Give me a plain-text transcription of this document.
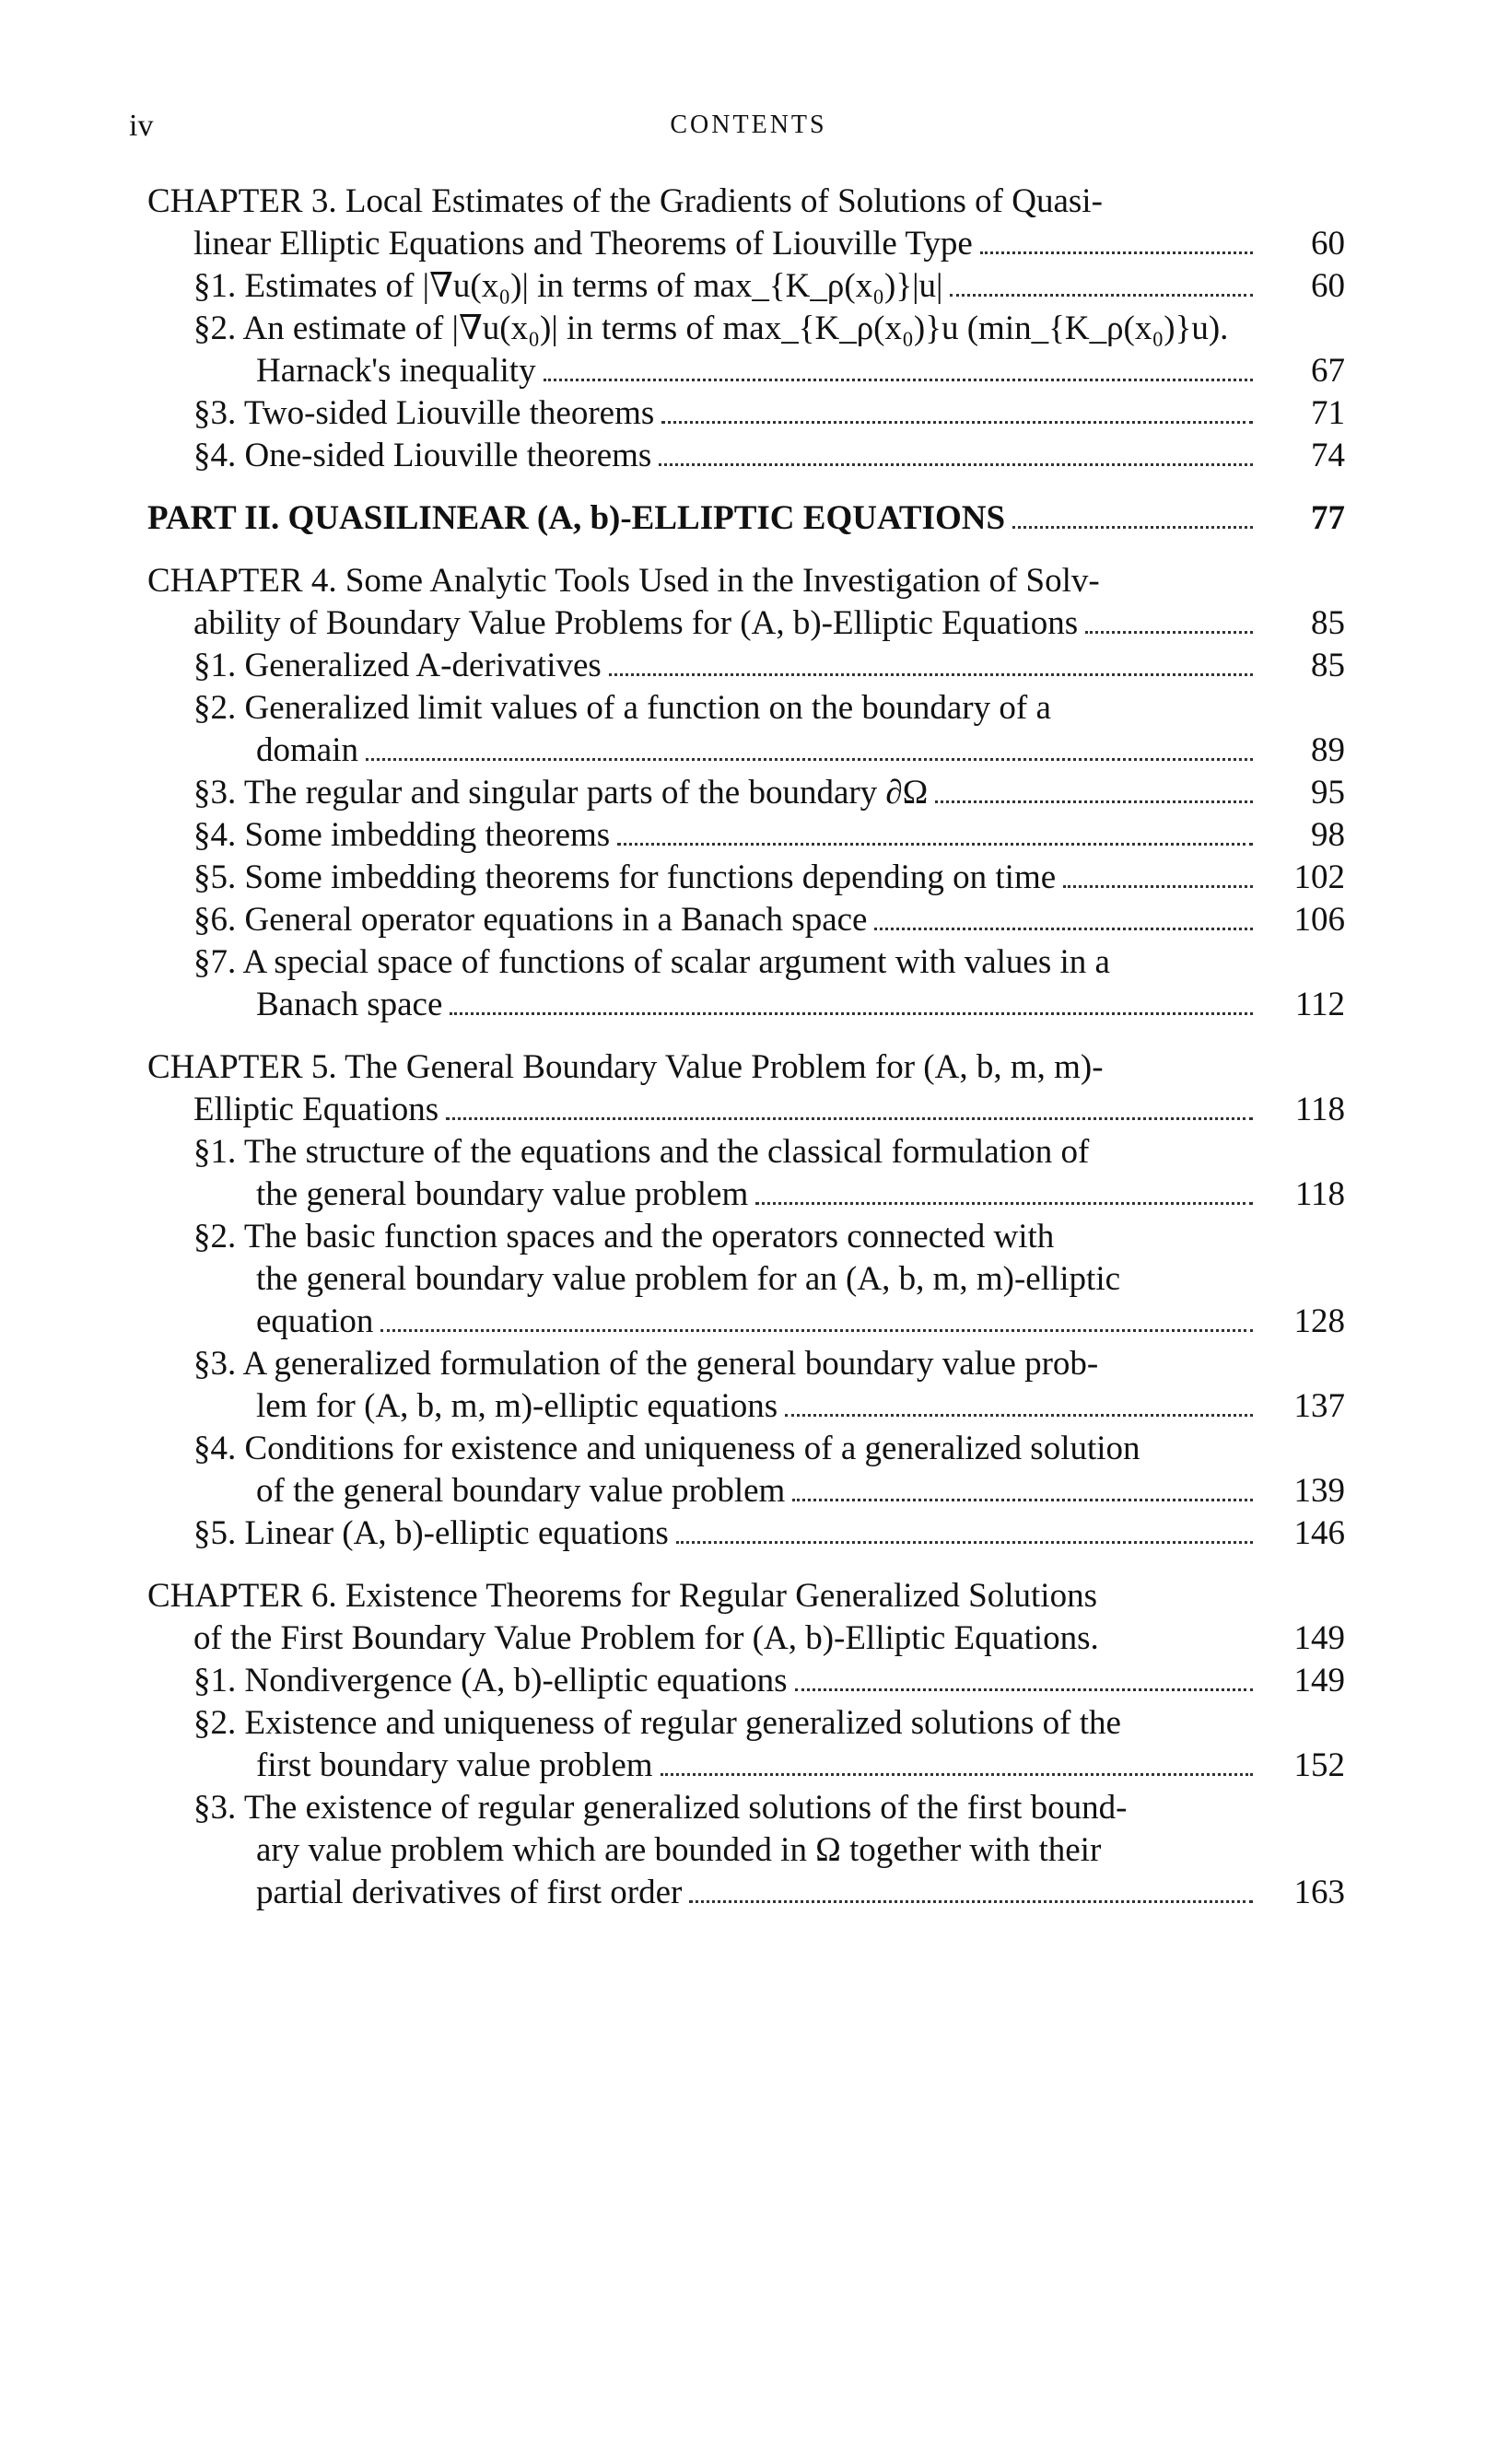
iv	CONTENTS
CHAPTER 3. Local Estimates of the Gradients of Solutions of Quasi-
linear Elliptic Equations and Theorems of Liouville Type	60
§1. Estimates of |∇u(x₀)| in terms of max_{K_ρ(x₀)}|u|	60
§2. An estimate of |∇u(x₀)| in terms of max_{K_ρ(x₀)}u (min_{K_ρ(x₀)}u).
Harnack's inequality	67
§3. Two-sided Liouville theorems	71
§4. One-sided Liouville theorems	74
PART II. QUASILINEAR (A, b)-ELLIPTIC EQUATIONS	77
CHAPTER 4. Some Analytic Tools Used in the Investigation of Solv-
ability of Boundary Value Problems for (A, b)-Elliptic Equations	85
§1. Generalized A-derivatives	85
§2. Generalized limit values of a function on the boundary of a
domain	89
§3. The regular and singular parts of the boundary ∂Ω	95
§4. Some imbedding theorems	98
§5. Some imbedding theorems for functions depending on time	102
§6. General operator equations in a Banach space	106
§7. A special space of functions of scalar argument with values in a
Banach space	112
CHAPTER 5. The General Boundary Value Problem for (A, b, m, m)-
Elliptic Equations	118
§1. The structure of the equations and the classical formulation of
the general boundary value problem	118
§2. The basic function spaces and the operators connected with
the general boundary value problem for an (A, b, m, m)-elliptic
equation	128
§3. A generalized formulation of the general boundary value prob-
lem for (A, b, m, m)-elliptic equations	137
§4. Conditions for existence and uniqueness of a generalized solution
of the general boundary value problem	139
§5. Linear (A, b)-elliptic equations	146
CHAPTER 6. Existence Theorems for Regular Generalized Solutions
of the First Boundary Value Problem for (A, b)-Elliptic Equations.	149
§1. Nondivergence (A, b)-elliptic equations	149
§2. Existence and uniqueness of regular generalized solutions of the
first boundary value problem	152
§3. The existence of regular generalized solutions of the first bound-
ary value problem which are bounded in Ω together with their
partial derivatives of first order	163
